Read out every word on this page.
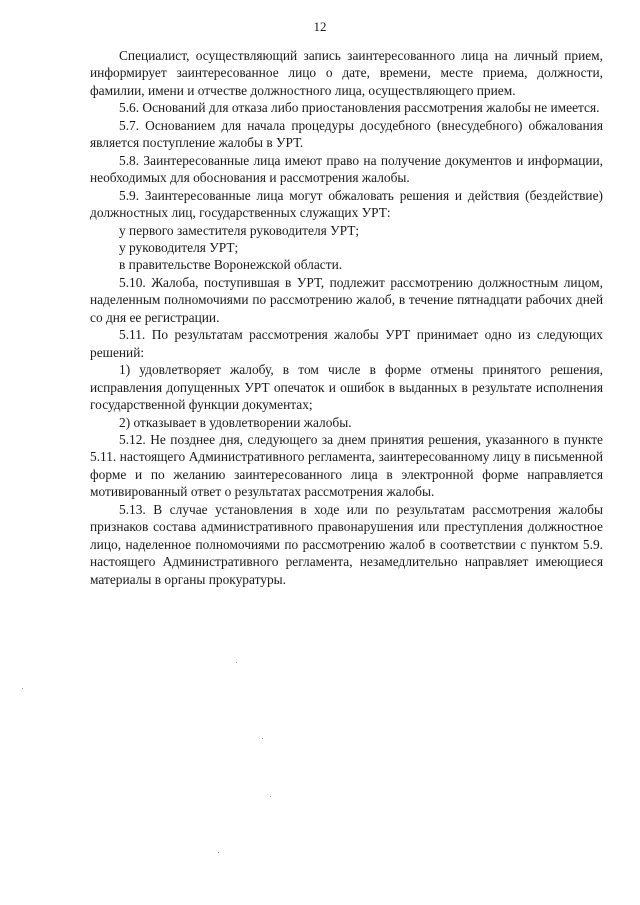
12

Специалист, осуществляющий запись заинтересованного лица на личный прием, информирует заинтересованное лицо о дате, времени, месте приема, должности, фамилии, имени и отчестве должностного лица, осуществляющего прием.

5.6. Оснований для отказа либо приостановления рассмотрения жалобы не имеется.

5.7. Основанием для начала процедуры досудебного (внесудебного) обжалования является поступление жалобы в УРТ.

5.8. Заинтересованные лица имеют право на получение документов и информации, необходимых для обоснования и рассмотрения жалобы.

5.9. Заинтересованные лица могут обжаловать решения и действия (бездействие) должностных лиц, государственных служащих УРТ:

у первого заместителя руководителя УРТ;

у руководителя УРТ;

в правительстве Воронежской области.

5.10. Жалоба, поступившая в УРТ, подлежит рассмотрению должностным лицом, наделенным полномочиями по рассмотрению жалоб, в течение пятнадцати рабочих дней со дня ее регистрации.

5.11. По результатам рассмотрения жалобы УРТ принимает одно из следующих решений:

1) удовлетворяет жалобу, в том числе в форме отмены принятого решения, исправления допущенных УРТ опечаток и ошибок в выданных в результате исполнения государственной функции документах;

2) отказывает в удовлетворении жалобы.

5.12. Не позднее дня, следующего за днем принятия решения, указанного в пункте 5.11. настоящего Административного регламента, заинтересованному лицу в письменной форме и по желанию заинтересованного лица в электронной форме направляется мотивированный ответ о результатах рассмотрения жалобы.

5.13. В случае установления в ходе или по результатам рассмотрения жалобы признаков состава административного правонарушения или преступления должностное лицо, наделенное полномочиями по рассмотрению жалоб в соответствии с пунктом 5.9. настоящего Административного регламента, незамедлительно направляет имеющиеся материалы в органы прокуратуры.
